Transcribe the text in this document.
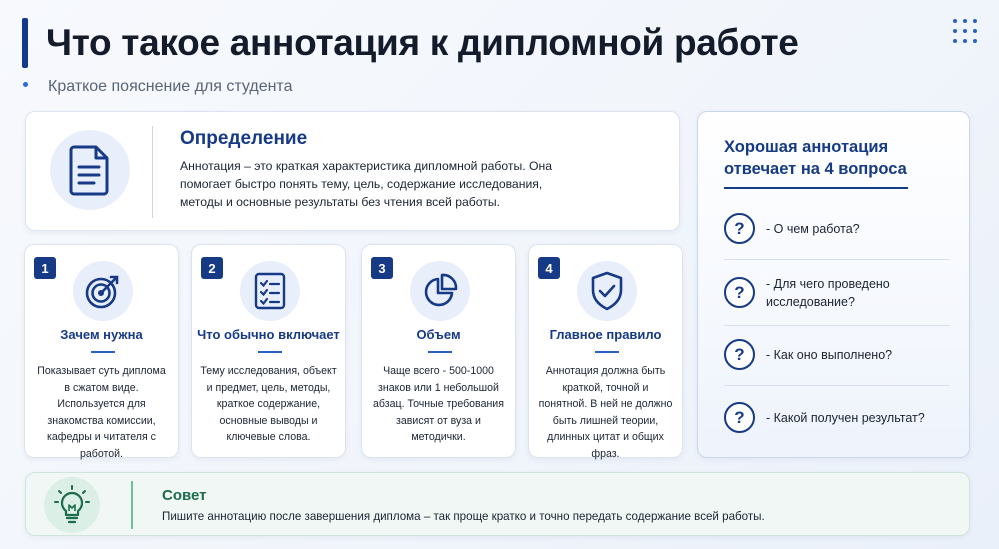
Что такое аннотация к дипломной работе
Краткое пояснение для студента
Определение
Аннотация – это краткая характеристика дипломной работы. Она помогает быстро понять тему, цель, содержание исследования, методы и основные результаты без чтения всей работы.
1
Зачем нужна
Показывает суть диплома в сжатом виде. Используется для знакомства комиссии, кафедры и читателя с работой.
2
Что обычно включает
Тему исследования, объект и предмет, цель, методы, краткое содержание, основные выводы и ключевые слова.
3
Объем
Чаще всего - 500-1000 знаков или 1 небольшой абзац. Точные требования зависят от вуза и методички.
4
Главное правило
Аннотация должна быть краткой, точной и понятной. В ней не должно быть лишней теории, длинных цитат и общих фраз.
Хорошая аннотация отвечает на 4 вопроса
?	- О чем работа?
?	- Для чего проведено исследование?
?	- Как оно выполнено?
?	- Какой получен результат?
Совет
Пишите аннотацию после завершения диплома – так проще кратко и точно передать содержание всей работы.
